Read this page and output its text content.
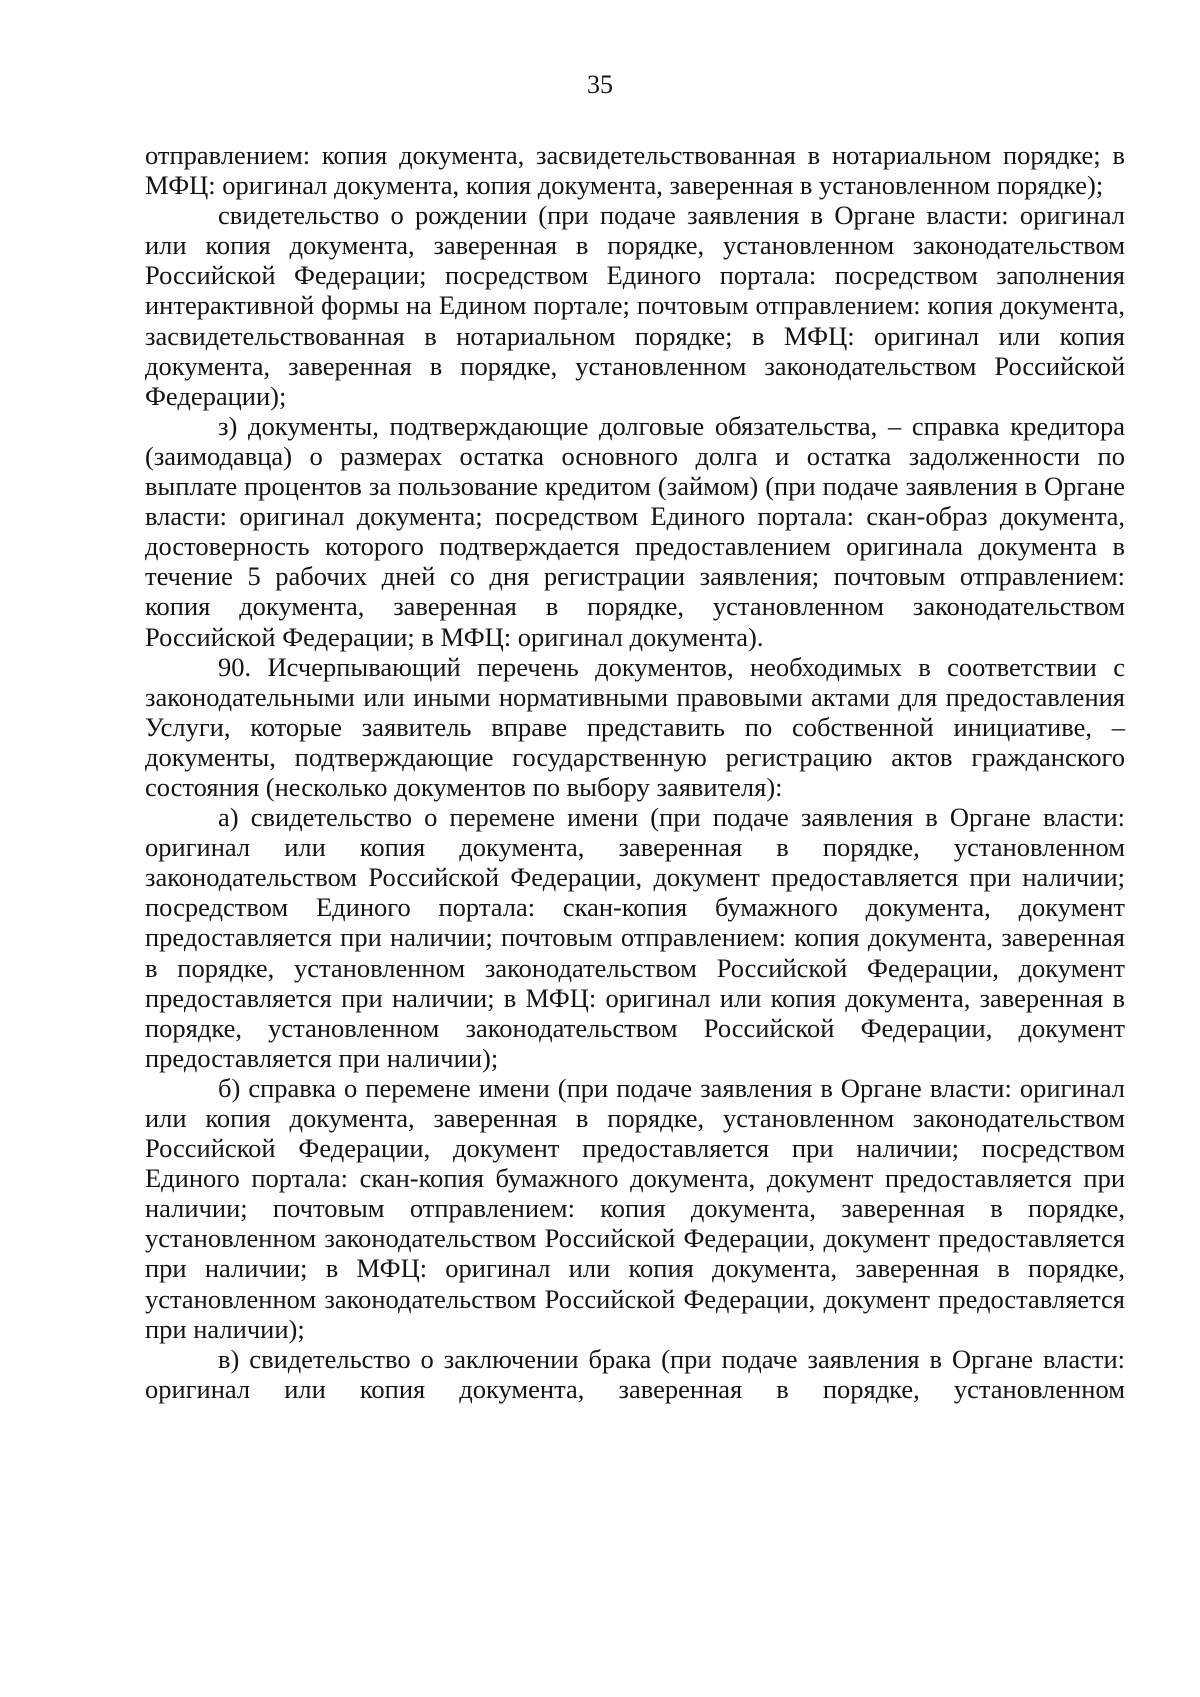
35

отправлением: копия документа, засвидетельствованная в нотариальном порядке; в МФЦ: оригинал документа, копия документа, заверенная в установленном порядке);

свидетельство о рождении (при подаче заявления в Органе власти: оригинал или копия документа, заверенная в порядке, установленном законодательством Российской Федерации; посредством Единого портала: посредством заполнения интерактивной формы на Едином портале; почтовым отправлением: копия документа, засвидетельствованная в нотариальном порядке; в МФЦ: оригинал или копия документа, заверенная в порядке, установленном законодательством Российской Федерации);

з) документы, подтверждающие долговые обязательства, – справка кредитора (заимодавца) о размерах остатка основного долга и остатка задолженности по выплате процентов за пользование кредитом (займом) (при подаче заявления в Органе власти: оригинал документа; посредством Единого портала: скан-образ документа, достоверность которого подтверждается предоставлением оригинала документа в течение 5 рабочих дней со дня регистрации заявления; почтовым отправлением: копия документа, заверенная в порядке, установленном законодательством Российской Федерации; в МФЦ: оригинал документа).

90. Исчерпывающий перечень документов, необходимых в соответствии с законодательными или иными нормативными правовыми актами для предоставления Услуги, которые заявитель вправе представить по собственной инициативе, – документы, подтверждающие государственную регистрацию актов гражданского состояния (несколько документов по выбору заявителя):

а) свидетельство о перемене имени (при подаче заявления в Органе власти: оригинал или копия документа, заверенная в порядке, установленном законодательством Российской Федерации, документ предоставляется при наличии; посредством Единого портала: скан-копия бумажного документа, документ предоставляется при наличии; почтовым отправлением: копия документа, заверенная в порядке, установленном законодательством Российской Федерации, документ предоставляется при наличии; в МФЦ: оригинал или копия документа, заверенная в порядке, установленном законодательством Российской Федерации, документ предоставляется при наличии);

б) справка о перемене имени (при подаче заявления в Органе власти: оригинал или копия документа, заверенная в порядке, установленном законодательством Российской Федерации, документ предоставляется при наличии; посредством Единого портала: скан-копия бумажного документа, документ предоставляется при наличии; почтовым отправлением: копия документа, заверенная в порядке, установленном законодательством Российской Федерации, документ предоставляется при наличии; в МФЦ: оригинал или копия документа, заверенная в порядке, установленном законодательством Российской Федерации, документ предоставляется при наличии);

в) свидетельство о заключении брака (при подаче заявления в Органе власти: оригинал или копия документа, заверенная в порядке, установленном
